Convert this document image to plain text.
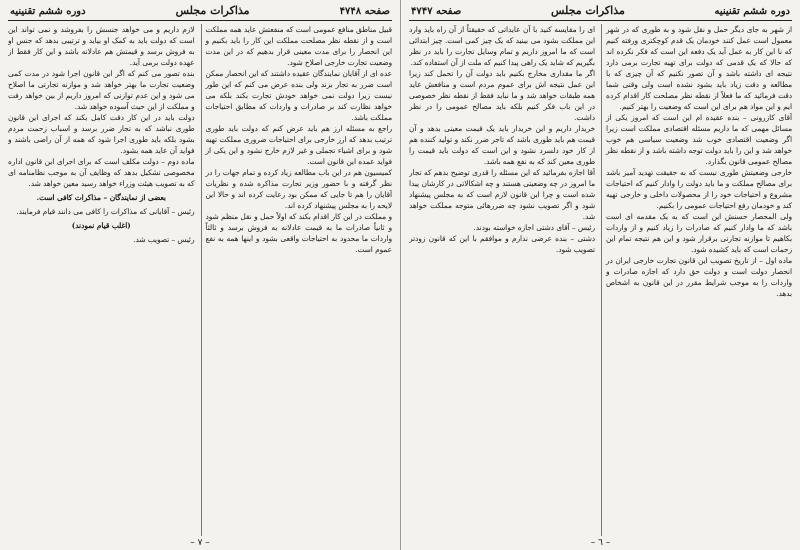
دوره ششم تقنینیه
مذاکرات مجلس
صفحه ۴۷۴۷

از شهر به جای دیگر حمل و نقل شود و به طوری که در شهر معمول است عمل کنند خودمان یک قدم کوچکتری ورفته کنیم که نا این کار به عمل آید یک دفعه این است که فکر نکرده اند که حالا که یک قدمی که دولت برای تهیه تجارت برمی دارد نتیجه ای داشته باشد و آن تصور نکنیم که آن چیزی که با مطالعه و دقت زیاد باید بشود نشده است ولی وقتی شما دقت فرمائید که ما فعلاً از نقطه نظر مصلحت کار اقدام کرده ایم و این مواد هم برای این است که وضعیت را بهتر کنیم.

آقای کازرونی – بنده عقیده ام این است که امروز یکی از مسائل مهمی که ما داریم مسئله اقتصادی مملکت است زیرا اگر وضعیت اقتصادی خوب شد وضعیت سیاسی هم خوب خواهد شد و این را باید دولت توجه داشته باشد و از نقطه نظر مصالح عمومی قانون بگذارد.

خارجی وضعیتش طوری نیست که به حقیقت تهدید آمیز باشد برای مصالح مملکت و ما باید دولت را وادار کنیم که احتیاجات مشروع و احتیاجات خود را از محصولات داخلی و خارجی تهیه کند و خودمان رفع احتیاجات عمومی را بکنیم.

ولی المحصار حسنش این است که به یک مقدمه ای است باشد که ما وادار کنیم که صادرات را زیاد کنیم و از واردات بکاهیم تا موازنه تجارتی برقرار شود و این هم نتیجه تمام این زحمات است که باید کشیده شود.

ماده اول – از تاریخ تصویب این قانون تجارت خارجی ایران در انحصار دولت است و دولت حق دارد که اجازه صادرات و واردات را به موجب شرایط مقرر در این قانون به اشخاص بدهد.

ای را مقایسه کنید با آن عایداتی که حقیقتاً از آن راه باید وارد این مملکت بشود می بینید که یک چیز کمی است. چیز ابتدائی است که ما امروز داریم و تمام وسایل تجارت را باید در نظر بگیریم که شاید یک راهی پیدا کنیم که ملت از آن استفاده کند.

اگر ما مقداری مخارج بکنیم باید دولت آن را تحمل کند زیرا این عمل نتیجه اش برای عموم مردم است و منافعش عاید همه طبقات خواهد شد و ما نباید فقط از نقطه نظر خصوصی در این باب فکر کنیم بلکه باید مصالح عمومی را در نظر داشت.

خریدار داریم و این خریدار باید یک قیمت معینی بدهد و آن قیمت هم باید طوری باشد که تاجر ضرر نکند و تولید کننده هم از کار خود دلسرد نشود و این است که دولت باید قیمت را طوری معین کند که به نفع همه باشد.

آقا اجازه بفرمائید که این مسئله را قدری توضیح بدهم که تجار ما امروز در چه وضعیتی هستند و چه اشکالاتی در کارشان پیدا شده است و چرا این قانون لازم است که به مجلس پیشنهاد شود و اگر تصویب نشود چه ضررهائی متوجه مملکت خواهد شد.

رئیس – آقای دشتی اجازه خواسته بودند.

دشتی – بنده عرضی ندارم و موافقم با این که قانون زودتر تصویب شود.

– ٦ –
صفحه ۴۷۴۸
مذاکرات مجلس
دوره ششم تقنینیه

قبیل مناطق منافع عمومی است که منفعتش عاید همه مملکت است و از نقطه نظر مصلحت مملکت این کار را باید بکنیم و این انحصار را برای مدت معینی قرار بدهیم که در این مدت وضعیت تجارت خارجی اصلاح شود.

عده ای از آقایان نمایندگان عقیده داشتند که این انحصار ممکن است ضرر به تجار بزند ولی بنده عرض می کنم که این طور نیست زیرا دولت نمی خواهد خودش تجارت بکند بلکه می خواهد نظارت کند بر صادرات و واردات که مطابق احتیاجات مملکت باشد.

راجع به مسئله ارز هم باید عرض کنم که دولت باید طوری ترتیب بدهد که ارز خارجی برای احتیاجات ضروری مملکت تهیه شود و برای اشیاء تجملی و غیر لازم خارج نشود و این یکی از فواید عمده این قانون است.

کمیسیون هم در این باب مطالعه زیاد کرده و تمام جهات را در نظر گرفته و با حضور وزیر تجارت مذاکره شده و نظریات آقایان را هم تا جایی که ممکن بود رعایت کرده اند و حالا این لایحه را به مجلس پیشنهاد کرده اند.

و مملکت در این کار اقدام بکند که اولاً حمل و نقل منظم شود و ثانیاً صادرات ما به قیمت عادلانه به فروش برسد و ثالثاً واردات ما محدود به احتیاجات واقعی بشود و اینها همه به نفع عموم است.

لازم داریم و می خواهد جنسش را بفروشد و نمی تواند این است که دولت باید به کمک او بیاید و ترتیبی بدهد که جنس او به فروش برسد و قیمتش هم عادلانه باشد و این کار فقط از عهده دولت برمی آید.

بنده تصور می کنم که اگر این قانون اجرا شود در مدت کمی وضعیت تجارت ما بهتر خواهد شد و موازنه تجارتی ما اصلاح می شود و این عدم توازنی که امروز داریم از بین خواهد رفت و مملکت از این حیث آسوده خواهد شد.

دولت باید در این کار دقت کامل بکند که اجرای این قانون طوری نباشد که به تجار ضرر برسد و اسباب زحمت مردم بشود بلکه باید طوری اجرا شود که همه از آن راضی باشند و فواید آن عاید همه بشود.

ماده دوم – دولت مکلف است که برای اجرای این قانون اداره مخصوصی تشکیل بدهد که وظایف آن به موجب نظامنامه ای که به تصویب هیئت وزراء خواهد رسید معین خواهد شد.

بعضی از نمایندگان – مذاکرات کافی است.

رئیس – آقایانی که مذاکرات را کافی می دانند قیام فرمایند.

(اغلب قیام نمودند)

رئیس – تصویب شد.

– ٧ –
